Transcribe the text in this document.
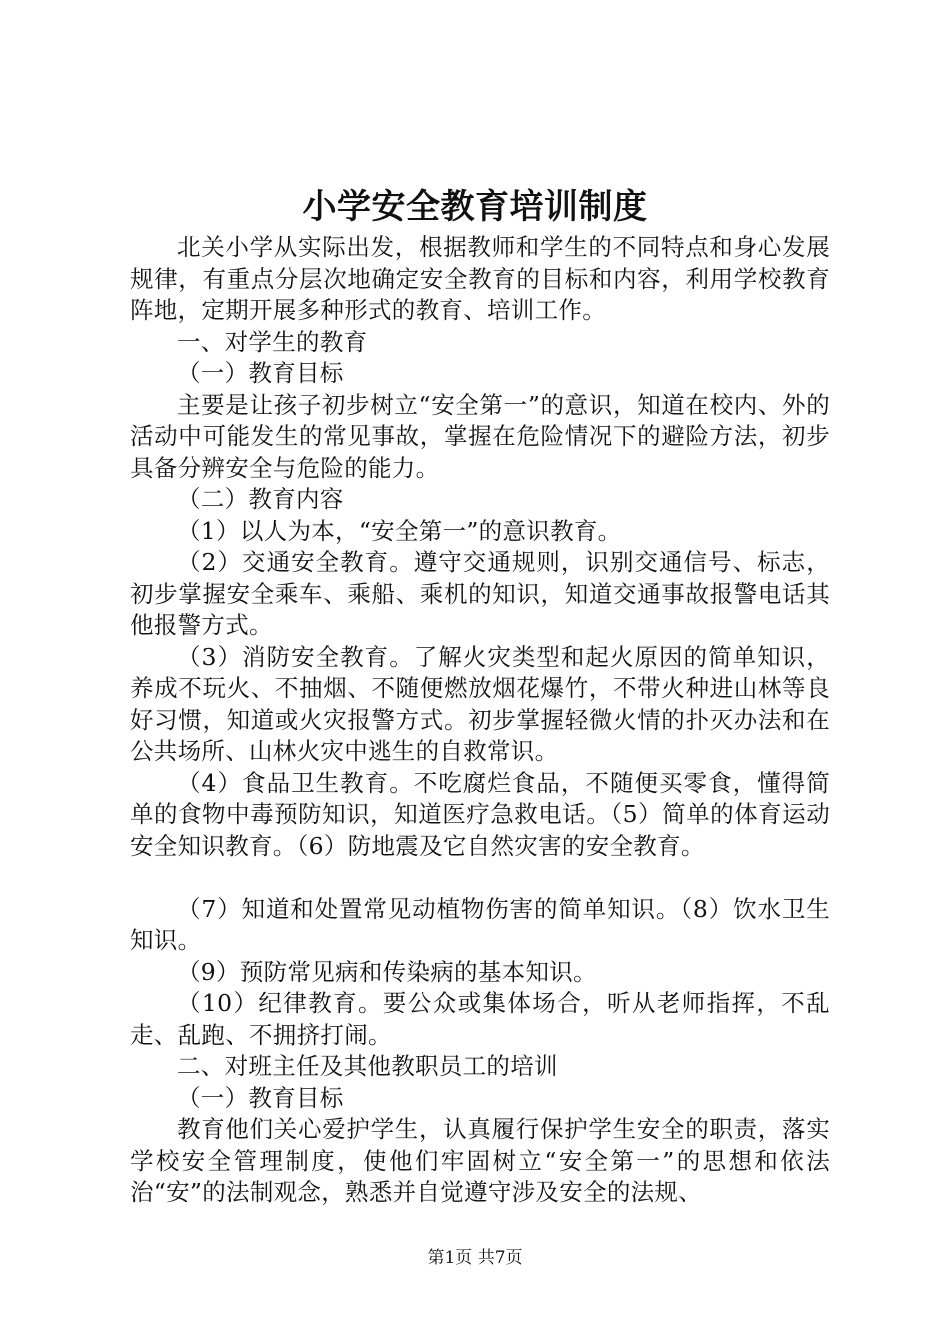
小学安全教育培训制度

北关小学从实际出发，根据教师和学生的不同特点和身心发展规律，有重点分层次地确定安全教育的目标和内容，利用学校教育阵地，定期开展多种形式的教育、培训工作。

一、对学生的教育

（一）教育目标

主要是让孩子初步树立“安全第一”的意识，知道在校内、外的活动中可能发生的常见事故，掌握在危险情况下的避险方法，初步具备分辨安全与危险的能力。

（二）教育内容

（1）以人为本，“安全第一”的意识教育。

（2）交通安全教育。遵守交通规则，识别交通信号、标志，初步掌握安全乘车、乘船、乘机的知识，知道交通事故报警电话其他报警方式。

（3）消防安全教育。了解火灾类型和起火原因的简单知识，养成不玩火、不抽烟、不随便燃放烟花爆竹，不带火种进山林等良好习惯，知道或火灾报警方式。初步掌握轻微火情的扑灭办法和在公共场所、山林火灾中逃生的自救常识。

（4）食品卫生教育。不吃腐烂食品，不随便买零食，懂得简单的食物中毒预防知识，知道医疗急救电话。（5）简单的体育运动安全知识教育。（6）防地震及它自然灾害的安全教育。

（7）知道和处置常见动植物伤害的简单知识。（8）饮水卫生知识。

（9）预防常见病和传染病的基本知识。

（10）纪律教育。要公众或集体场合，听从老师指挥，不乱走、乱跑、不拥挤打闹。

二、对班主任及其他教职员工的培训

（一）教育目标

教育他们关心爱护学生，认真履行保护学生安全的职责，落实学校安全管理制度，使他们牢固树立“安全第一”的思想和依法治“安”的法制观念，熟悉并自觉遵守涉及安全的法规、

第1页 共7页
